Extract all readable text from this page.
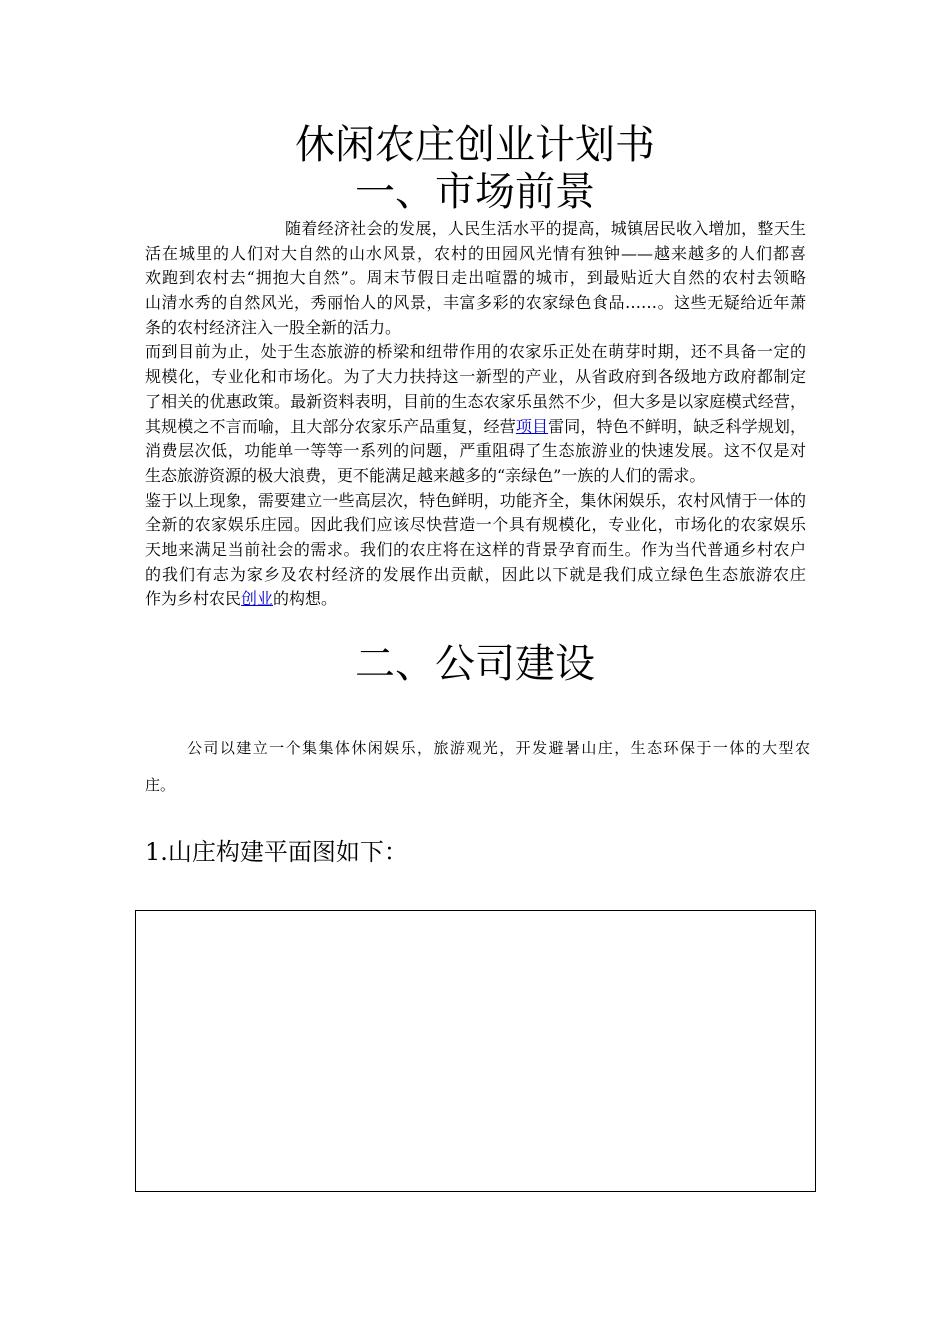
休闲农庄创业计划书
一、市场前景
随着经济社会的发展，人民生活水平的提高，城镇居民收入增加，整天生
活在城里的人们对大自然的山水风景，农村的田园风光情有独钟——越来越多的人们都喜
欢跑到农村去“拥抱大自然”。周末节假日走出喧嚣的城市，到最贴近大自然的农村去领略
山清水秀的自然风光，秀丽怡人的风景，丰富多彩的农家绿色食品……。这些无疑给近年萧
条的农村经济注入一股全新的活力。
而到目前为止，处于生态旅游的桥梁和纽带作用的农家乐正处在萌芽时期，还不具备一定的
规模化，专业化和市场化。为了大力扶持这一新型的产业，从省政府到各级地方政府都制定
了相关的优惠政策。最新资料表明，目前的生态农家乐虽然不少，但大多是以家庭模式经营，
其规模之不言而喻，且大部分农家乐产品重复，经营项目雷同，特色不鲜明，缺乏科学规划，
消费层次低，功能单一等等一系列的问题，严重阻碍了生态旅游业的快速发展。这不仅是对
生态旅游资源的极大浪费，更不能满足越来越多的“亲绿色”一族的人们的需求。
鉴于以上现象，需要建立一些高层次，特色鲜明，功能齐全，集休闲娱乐，农村风情于一体的
全新的农家娱乐庄园。因此我们应该尽快营造一个具有规模化，专业化，市场化的农家娱乐
天地来满足当前社会的需求。我们的农庄将在这样的背景孕育而生。作为当代普通乡村农户
的我们有志为家乡及农村经济的发展作出贡献，因此以下就是我们成立绿色生态旅游农庄
作为乡村农民创业的构想。
二、公司建设
公司以建立一个集集体休闲娱乐，旅游观光，开发避暑山庄，生态环保于一体的大型农
庄。
1.山庄构建平面图如下：
